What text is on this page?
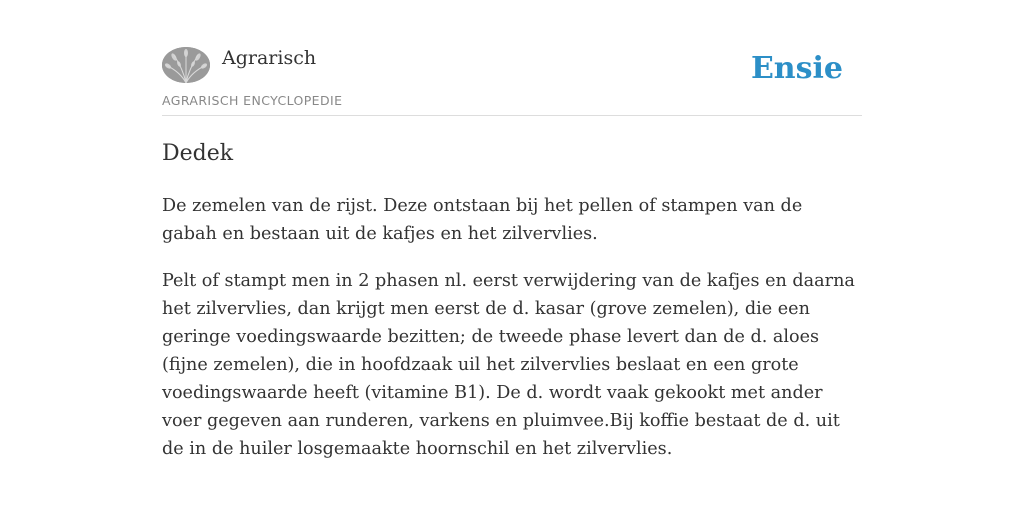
Agrarisch
AGRARISCH ENCYCLOPEDIE
Ensie
Dedek

De zemelen van de rijst. Deze ontstaan bij het pellen of stampen van de gabah en bestaan uit de kafjes en het zilvervlies.

Pelt of stampt men in 2 phasen nl. eerst verwijdering van de kafjes en daarna het zilvervlies, dan krijgt men eerst de d. kasar (grove zemelen), die een geringe voedingswaarde bezitten; de tweede phase levert dan de d. aloes (fijne zemelen), die in hoofdzaak uil het zilvervlies beslaat en een grote voedingswaarde heeft (vitamine B1). De d. wordt vaak gekookt met ander voer gegeven aan runderen, varkens en pluimvee.Bij koffie bestaat de d. uit de in de huiler losgemaakte hoornschil en het zilvervlies.
